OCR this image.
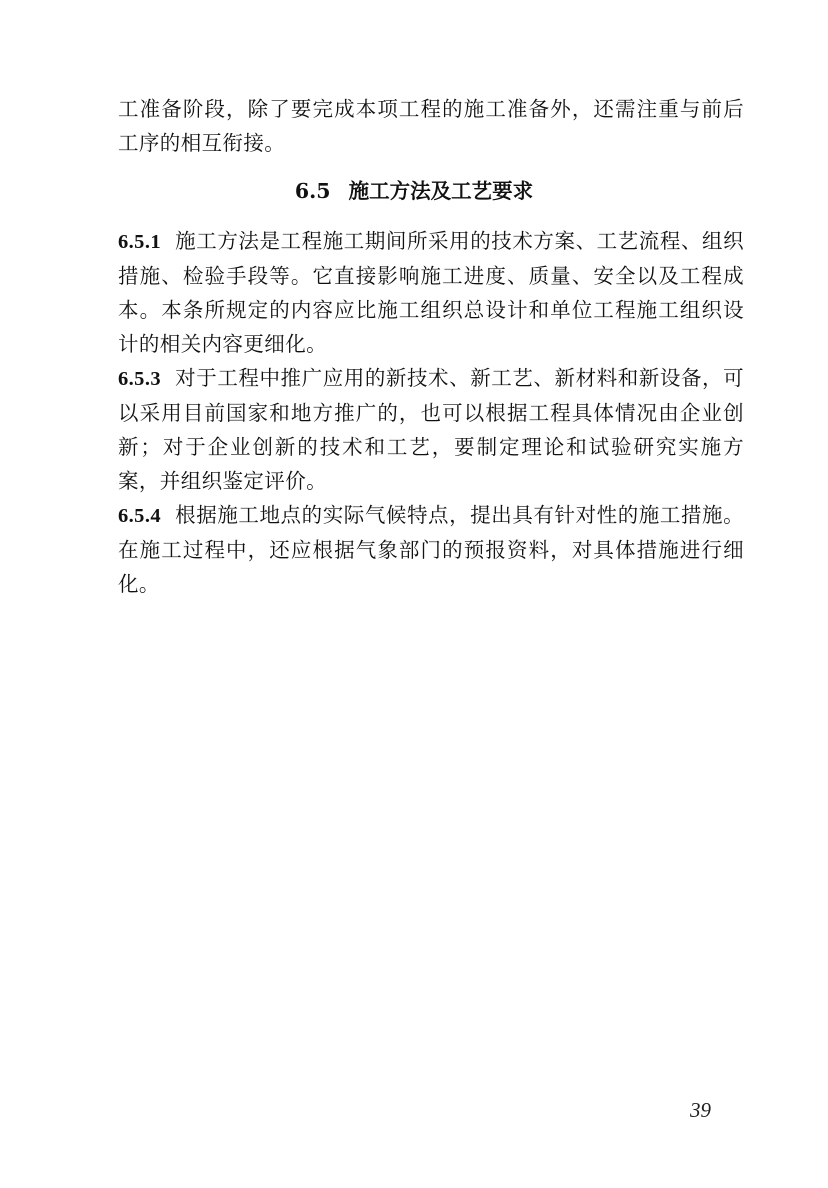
工准备阶段，除了要完成本项工程的施工准备外，还需注重与前后工序的相互衔接。

6.5 施工方法及工艺要求

6.5.1 施工方法是工程施工期间所采用的技术方案、工艺流程、组织措施、检验手段等。它直接影响施工进度、质量、安全以及工程成本。本条所规定的内容应比施工组织总设计和单位工程施工组织设计的相关内容更细化。

6.5.3 对于工程中推广应用的新技术、新工艺、新材料和新设备，可以采用目前国家和地方推广的，也可以根据工程具体情况由企业创新；对于企业创新的技术和工艺，要制定理论和试验研究实施方案，并组织鉴定评价。

6.5.4 根据施工地点的实际气候特点，提出具有针对性的施工措施。在施工过程中，还应根据气象部门的预报资料，对具体措施进行细化。

39
